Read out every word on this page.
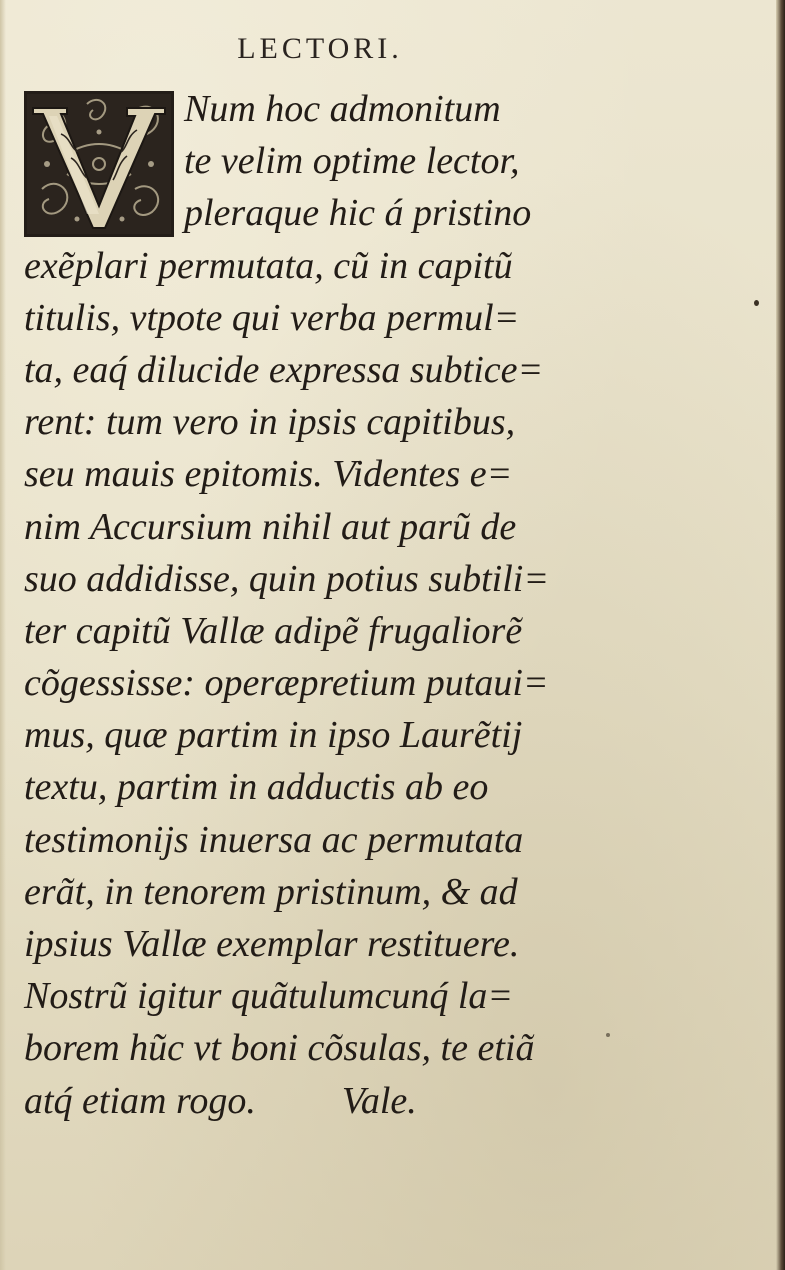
LECTORI.
Num hoc admonitum
te velim optime lector,
pleraque hic á pristino
exẽplari permutata, cũ in capitũ
titulis, vtpote qui verba permul=
ta, eaq́ dilucide expressa subtice=
rent: tum vero in ipsis capitibus,
seu mauis epitomis. Videntes e=
nim Accursium nihil aut parũ de
suo addidisse, quin potius subtili=
ter capitũ Vallæ adipẽ frugaliorẽ
cõgessisse: operæpretium putaui=
mus, quæ partim in ipso Laurẽtij
textu, partim in adductis ab eo
testimonijs inuersa ac permutata
erãt, in tenorem pristinum, & ad
ipsius Vallæ exemplar restituere.
Nostrũ igitur quãtulumcunq́ la=
borem hũc vt boni cõsulas, te etiã
atq́ etiam rogo. Vale.
